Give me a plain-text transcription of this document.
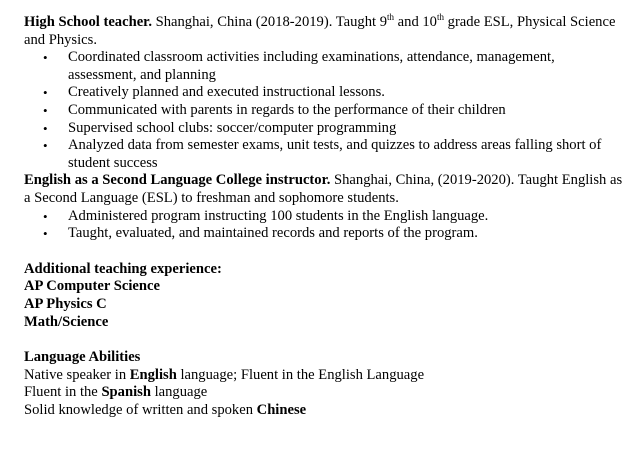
High School teacher. Shanghai, China (2018-2019). Taught 9th and 10th grade ESL, Physical Science and Physics.

• Coordinated classroom activities including examinations, attendance, management, assessment, and planning
• Creatively planned and executed instructional lessons.
• Communicated with parents in regards to the performance of their children
• Supervised school clubs: soccer/computer programming
• Analyzed data from semester exams, unit tests, and quizzes to address areas falling short of student success

English as a Second Language College instructor. Shanghai, China, (2019-2020). Taught English as a Second Language (ESL) to freshman and sophomore students.

• Administered program instructing 100 students in the English language.
• Taught, evaluated, and maintained records and reports of the program.

Additional teaching experience:

AP Computer Science

AP Physics C

Math/Science

Language Abilities

Native speaker in English language; Fluent in the English Language

Fluent in the Spanish language

Solid knowledge of written and spoken Chinese
